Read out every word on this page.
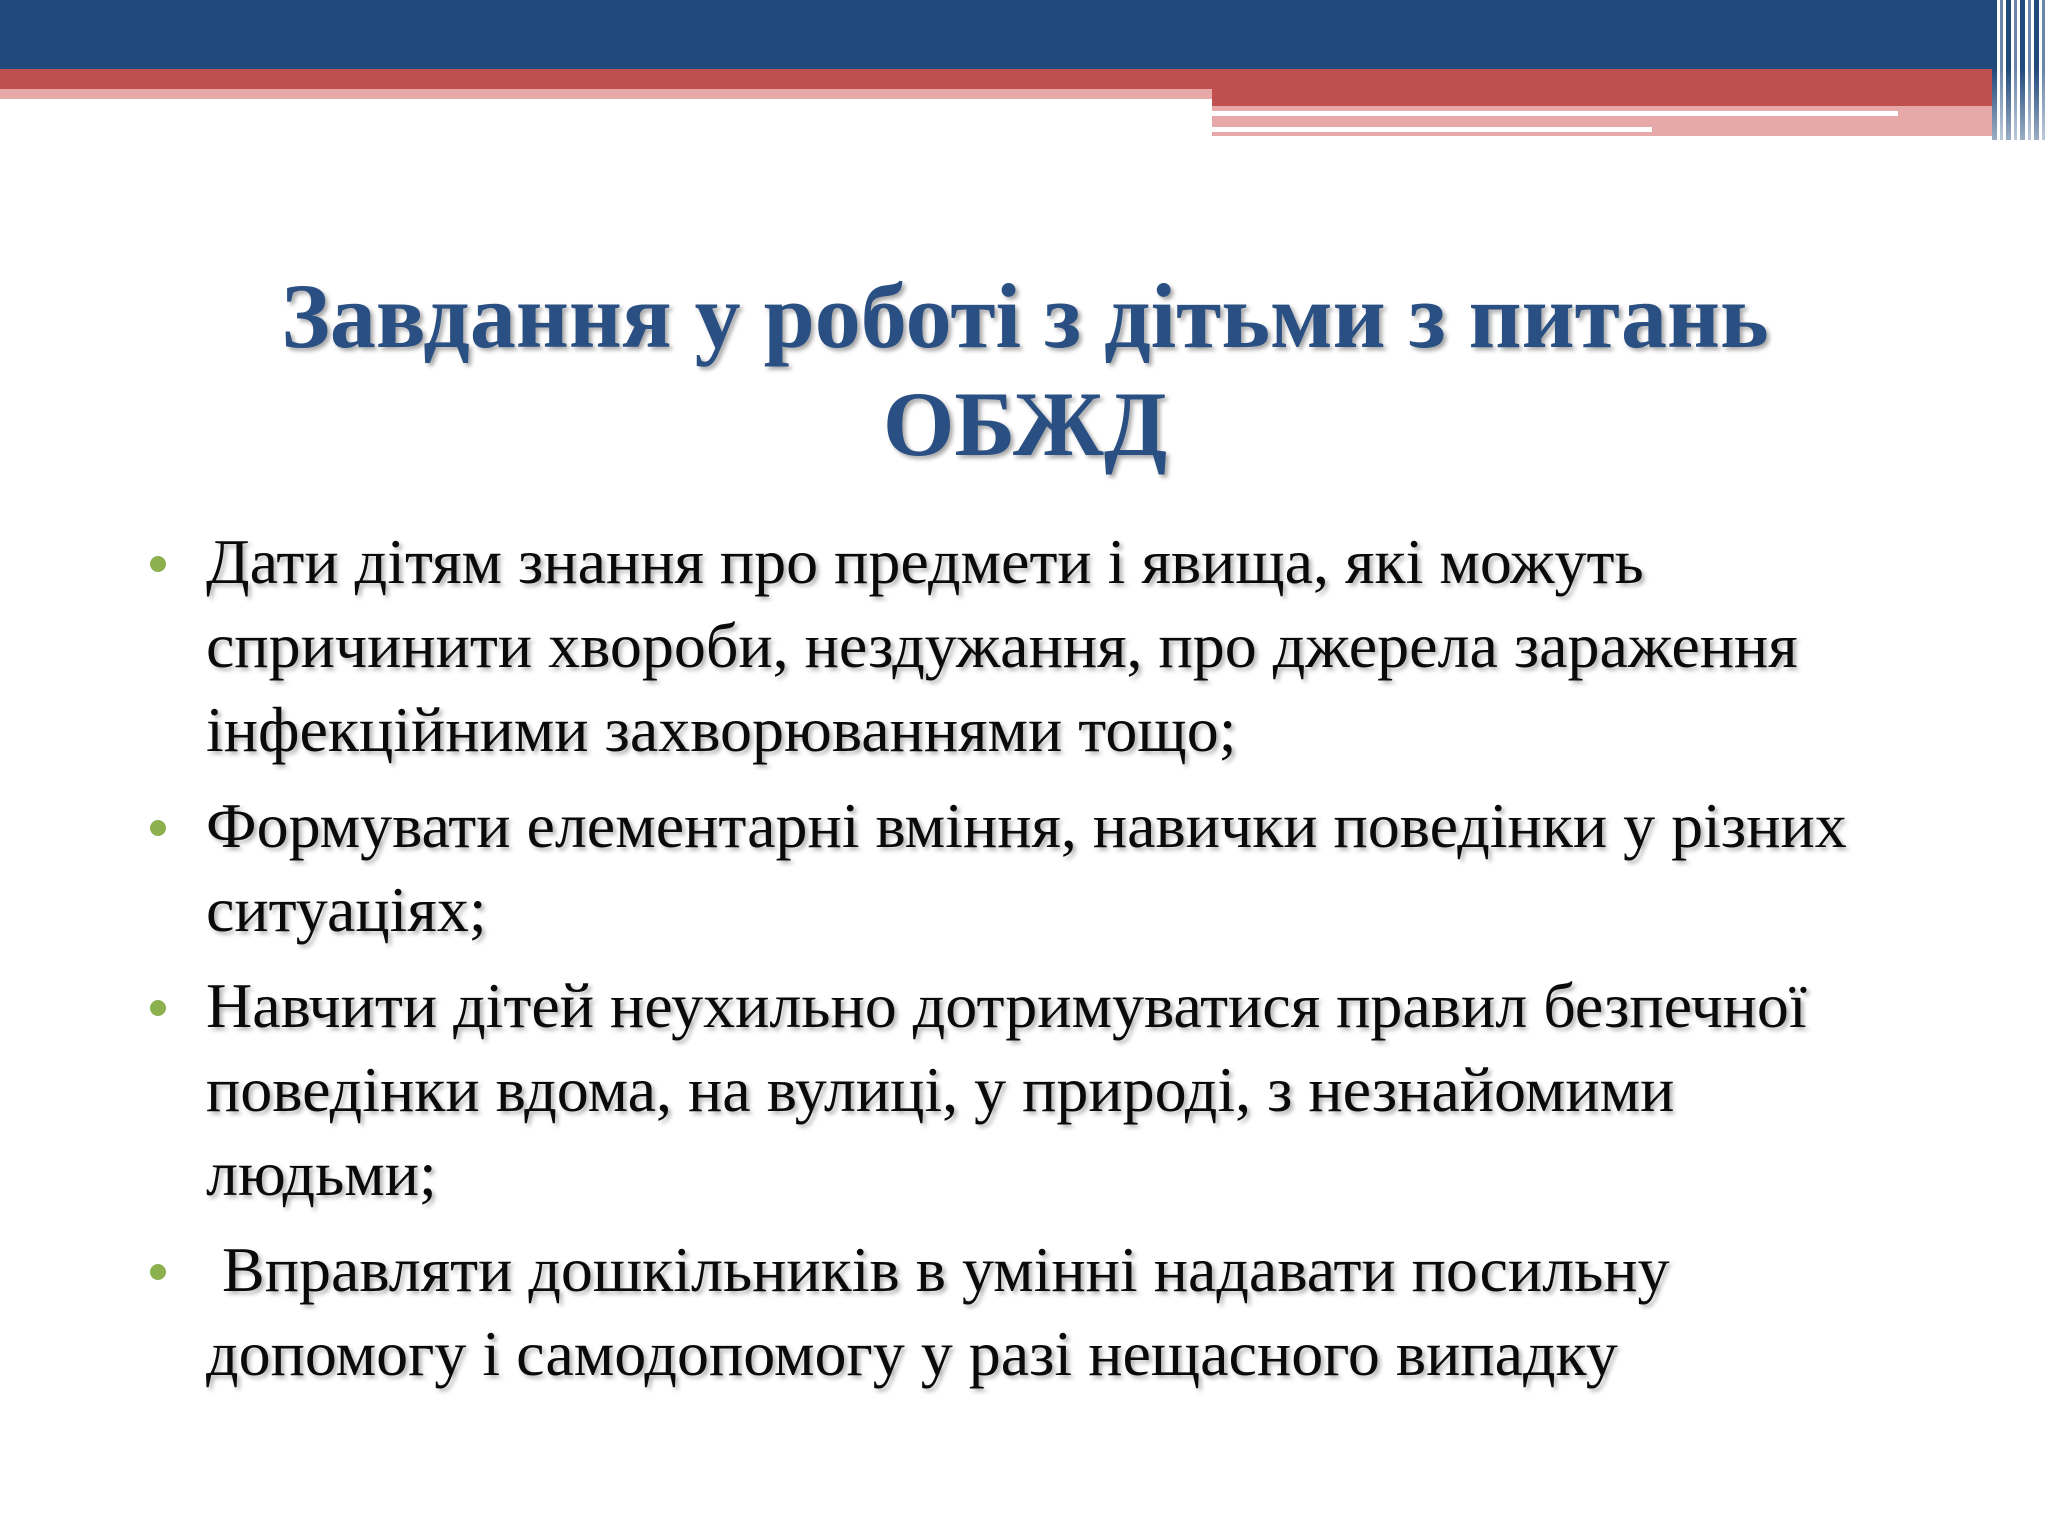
Завдання у роботі з дітьми з питань ОБЖД
Дати дітям знання про предмети і явища, які можуть спричинити хвороби, нездужання, про джерела зараження інфекційними захворюваннями тощо;
Формувати елементарні вміння, навички поведінки у різних ситуаціях;
Навчити дітей неухильно дотримуватися правил безпечної поведінки вдома, на вулиці, у природі, з незнайомими людьми;
Вправляти дошкільників в умінні надавати посильну допомогу і самодопомогу у разі нещасного випадку
